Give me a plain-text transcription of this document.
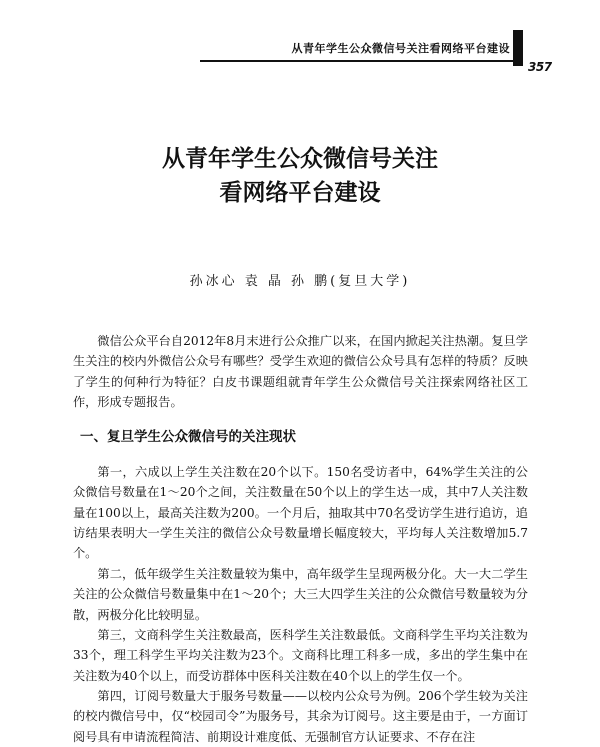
从青年学生公众微信号关注看网络平台建设
357
从青年学生公众微信号关注
看网络平台建设
孙冰心 袁 晶 孙 鹏(复旦大学)
微信公众平台自2012年8月末进行公众推广以来，在国内掀起关注热潮。复旦学生关注的校内外微信公众号有哪些？受学生欢迎的微信公众号具有怎样的特质？反映了学生的何种行为特征？白皮书课题组就青年学生公众微信号关注探索网络社区工作，形成专题报告。
一、复旦学生公众微信号的关注现状
第一，六成以上学生关注数在20个以下。150名受访者中，64%学生关注的公众微信号数量在1～20个之间，关注数量在50个以上的学生达一成，其中7人关注数量在100以上，最高关注数为200。一个月后，抽取其中70名受访学生进行追访，追访结果表明大一学生关注的微信公众号数量增长幅度较大，平均每人关注数增加5.7个。
第二，低年级学生关注数量较为集中，高年级学生呈现两极分化。大一大二学生关注的公众微信号数量集中在1～20个；大三大四学生关注的公众微信号数量较为分散，两极分化比较明显。
第三，文商科学生关注数最高，医科学生关注数最低。文商科学生平均关注数为33个，理工科学生平均关注数为23个。文商科比理工科多一成，多出的学生集中在关注数为40个以上，而受访群体中医科关注数在40个以上的学生仅一个。
第四，订阅号数量大于服务号数量——以校内公众号为例。206个学生较为关注的校内微信号中，仅“校园司令”为服务号，其余为订阅号。这主要是由于，一方面订阅号具有申请流程简洁、前期设计难度低、无强制官方认证要求、不存在注
